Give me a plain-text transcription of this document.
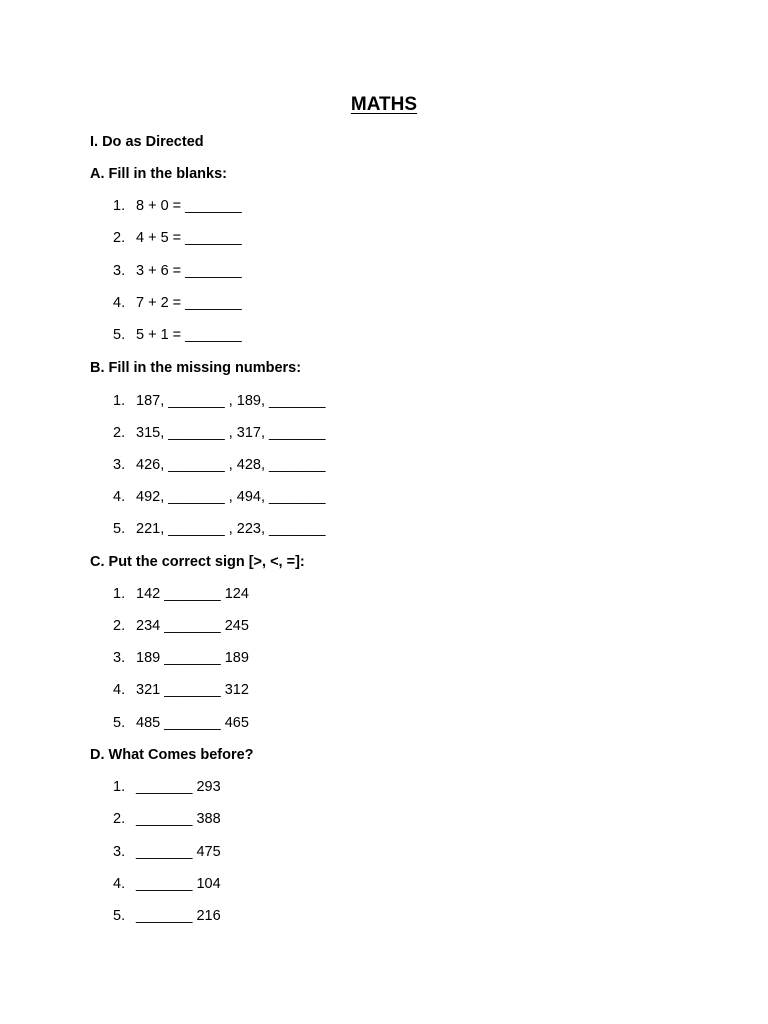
MATHS
I. Do as Directed
A. Fill in the blanks:
1. 8 + 0 = _______
2. 4 + 5 = _______
3. 3 + 6 = _______
4. 7 + 2 = _______
5. 5 + 1 = _______
B. Fill in the missing numbers:
1. 187, _______ , 189, _______
2. 315, _______ , 317, _______
3. 426, _______ , 428, _______
4. 492, _______ , 494, _______
5. 221, _______ , 223, _______
C. Put the correct sign [>, <, =]:
1. 142 _______ 124
2. 234 _______ 245
3. 189 _______ 189
4. 321 _______ 312
5. 485 _______ 465
D. What Comes before?
1. _______ 293
2. _______ 388
3. _______ 475
4. _______ 104
5. _______ 216
